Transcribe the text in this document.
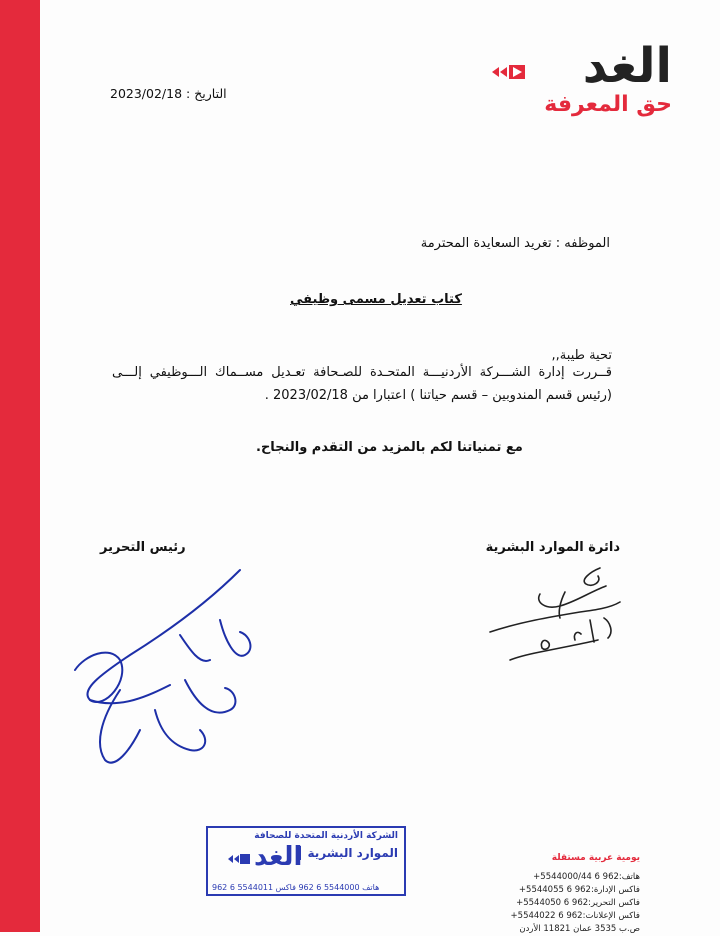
الغد
حق المعرفة
التاريخ : 2023/02/18
الموظفه : تغريد السعايدة المحترمة
كتاب تعديل مسمى وظيفي
تحية طيبة,,
قــررت إدارة الشـــركة الأردنيـــة المتحـدة للصـحافة تعـديل مســماك الـــوظيفي إلـــى
(رئيس قسم المندوبين – قسم حياتنا ) اعتبارا من 2023/02/18 .
مع تمنياتنا لكم بالمزيد من التقدم والنجاح.
رئيس التحرير	دائرة الموارد البشرية
الشركة الأردنية المتحدة للصحافة
الموارد البشرية
الغد
هاتف 5544000 6 962 فاكس 5544011 6 962
يومية عربية مستقلة
هاتف:962 6 5544000/44+
فاكس الإدارة:962 6 5544055+
فاكس التحرير:962 6 5544050+
فاكس الإعلانات:962 6 5544022+
ص.ب 3535 عمان 11821 الأردن
